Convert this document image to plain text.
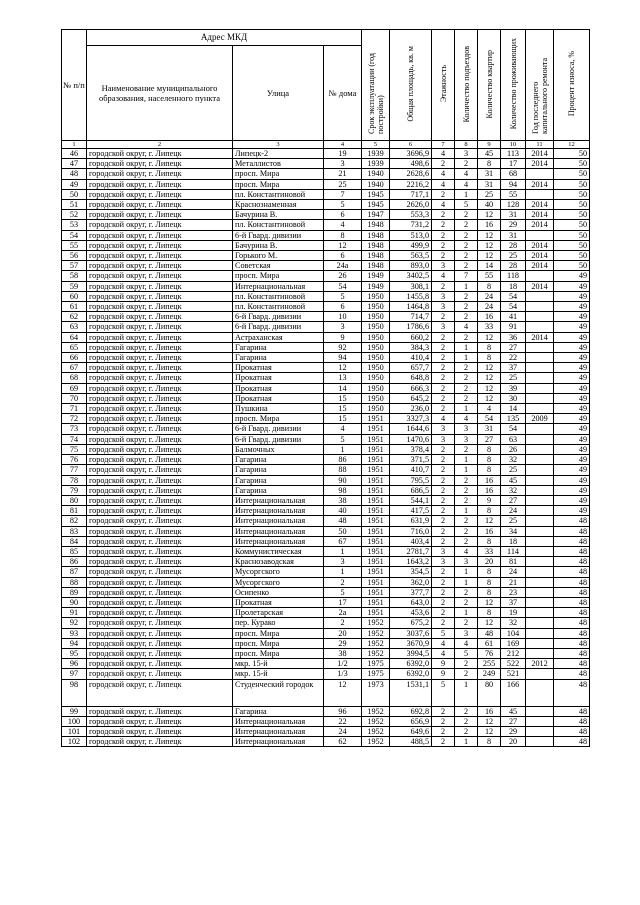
№ п/п	Адрес МКД			Срок эксплуатации (год постройки)	Общая площадь, кв. м	Этажность	Количество подъездов	Количество квартир	Количество проживающих	Год последнего капитального ремонта	Процент износа, %
	Наименование муниципального образования, населенного пункта	Улица	№ дома								
1	2	3	4	5	6	7	8	9	10	11	12
46	городской округ, г. Липецк	Липецк-2	19	1939	3696,9	4	3	45	113	2014	50
47	городской округ, г. Липецк	Металлистов	3	1939	498,6	2	2	8	17	2014	50
48	городской округ, г. Липецк	просп. Мира	21	1940	2628,6	4	4	31	68		50
49	городской округ, г. Липецк	просп. Мира	25	1940	2216,2	4	4	31	94	2014	50
50	городской округ, г. Липецк	пл. Константиновой	7	1945	717,1	2	1	25	55		50
51	городской округ, г. Липецк	Краснознаменная	5	1945	2626,0	4	5	40	128	2014	50
52	городской округ, г. Липецк	Бачурина В.	6	1947	553,3	2	2	12	31	2014	50
53	городской округ, г. Липецк	пл. Константиновой	4	1948	731,2	2	2	16	29	2014	50
54	городской округ, г. Липецк	6-й Гвард. дивизии	8	1948	513,0	2	2	12	31		50
55	городской округ, г. Липецк	Бачурина В.	12	1948	499,9	2	2	12	28	2014	50
56	городской округ, г. Липецк	Горького М.	6	1948	563,5	2	2	12	25	2014	50
57	городской округ, г. Липецк	Советская	24а	1948	893,0	3	2	14	28	2014	50
58	городской округ, г. Липецк	просп. Мира	26	1949	3402,5	4	7	55	118		49
59	городской округ, г. Липецк	Интернациональная	54	1949	308,1	2	1	8	18	2014	49
60	городской округ, г. Липецк	пл. Константиновой	5	1950	1455,8	3	2	24	54		49
61	городской округ, г. Липецк	пл. Константиновой	6	1950	1464,8	3	2	24	54		49
62	городской округ, г. Липецк	6-й Гвард. дивизии	10	1950	714,7	2	2	16	41		49
63	городской округ, г. Липецк	6-й Гвард. дивизии	3	1950	1786,6	3	4	33	91		49
64	городской округ, г. Липецк	Астраханская	9	1950	660,2	2	2	12	36	2014	49
65	городской округ, г. Липецк	Гагарина	92	1950	384,3	2	1	8	27		49
66	городской округ, г. Липецк	Гагарина	94	1950	410,4	2	1	8	22		49
67	городской округ, г. Липецк	Прокатная	12	1950	657,7	2	2	12	37		49
68	городской округ, г. Липецк	Прокатная	13	1950	648,8	2	2	12	25		49
69	городской округ, г. Липецк	Прокатная	14	1950	666,3	2	2	12	39		49
70	городской округ, г. Липецк	Прокатная	15	1950	645,2	2	2	12	30		49
71	городской округ, г. Липецк	Пушкина	15	1950	236,0	2	1	4	14		49
72	городской округ, г. Липецк	просп. Мира	15	1951	3327,3	4	4	54	135	2009	49
73	городской округ, г. Липецк	6-й Гвард. дивизии	4	1951	1644,6	3	3	31	54		49
74	городской округ, г. Липецк	6-й Гвард. дивизии	5	1951	1470,6	3	3	27	63		49
75	городской округ, г. Липецк	Балмочных	1	1951	378,4	2	2	8	26		49
76	городской округ, г. Липецк	Гагарина	86	1951	371,5	2	1	8	32		49
77	городской округ, г. Липецк	Гагарина	88	1951	410,7	2	1	8	25		49
78	городской округ, г. Липецк	Гагарина	90	1951	795,5	2	2	16	45		49
79	городской округ, г. Липецк	Гагарина	98	1951	686,5	2	2	16	32		49
80	городской округ, г. Липецк	Интернациональная	38	1951	544,1	2	2	9	27		49
81	городской округ, г. Липецк	Интернациональная	40	1951	417,5	2	1	8	24		49
82	городской округ, г. Липецк	Интернациональная	48	1951	631,9	2	2	12	25		48
83	городской округ, г. Липецк	Интернациональная	50	1951	716,0	2	2	16	34		48
84	городской округ, г. Липецк	Интернациональная	67	1951	403,4	2	2	8	18		48
85	городской округ, г. Липецк	Коммунистическая	1	1951	2781,7	3	4	33	114		48
86	городской округ, г. Липецк	Краснозаводская	3	1951	1643,2	3	3	20	81		48
87	городской округ, г. Липецк	Мусоргского	1	1951	354,5	2	1	8	24		48
88	городской округ, г. Липецк	Мусоргского	2	1951	362,0	2	1	8	21		48
89	городской округ, г. Липецк	Осипенко	5	1951	377,7	2	2	8	23		48
90	городской округ, г. Липецк	Прокатная	17	1951	643,0	2	2	12	37		48
91	городской округ, г. Липецк	Пролетарская	2а	1951	453,6	2	1	8	19		48
92	городской округ, г. Липецк	пер. Курако	2	1952	675,2	2	2	12	32		48
93	городской округ, г. Липецк	просп. Мира	20	1952	3037,6	5	3	48	104		48
94	городской округ, г. Липецк	просп. Мира	29	1952	3670,9	4	4	61	169		48
95	городской округ, г. Липецк	просп. Мира	38	1952	3994,5	4	5	76	212		48
96	городской округ, г. Липецк	мкр. 15-й	1/2	1975	6392,0	9	2	255	522	2012	48
97	городской округ, г. Липецк	мкр. 15-й	1/3	1975	6392,0	9	2	249	521		48
98	городской округ, г. Липецк	Студенческий городок	12	1973	1531,1	5	1	80	166		48
99	городской округ, г. Липецк	Гагарина	96	1952	692,8	2	2	16	45		48
100	городской округ, г. Липецк	Интернациональная	22	1952	656,9	2	2	12	27		48
101	городской округ, г. Липецк	Интернациональная	24	1952	649,6	2	2	12	29		48
102	городской округ, г. Липецк	Интернациональная	62	1952	488,5	2	1	8	20		48
